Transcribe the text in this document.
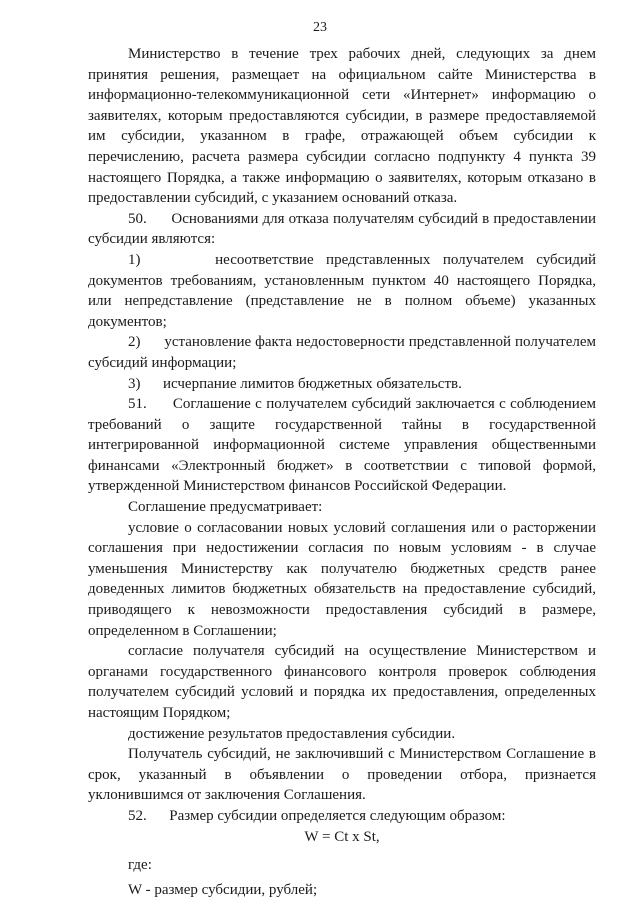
23

Министерство в течение трех рабочих дней, следующих за днем принятия решения, размещает на официальном сайте Министерства в информационно-телекоммуникационной сети «Интернет» информацию о заявителях, которым предоставляются субсидии, в размере предоставляемой им субсидии, указанном в графе, отражающей объем субсидии к перечислению, расчета размера субсидии согласно подпункту 4 пункта 39 настоящего Порядка, а также информацию о заявителях, которым отказано в предоставлении субсидий, с указанием оснований отказа.

50.      Основаниями для отказа получателям субсидий в предоставлении субсидии являются:

1)      несоответствие представленных получателем субсидий документов требованиям, установленным пунктом 40 настоящего Порядка, или непредставление (представление не в полном объеме) указанных документов;

2)      установление факта недостоверности представленной получателем субсидий информации;

3)      исчерпание лимитов бюджетных обязательств.

51.      Соглашение с получателем субсидий заключается с соблюдением требований о защите государственной тайны в государственной интегрированной информационной системе управления общественными финансами «Электронный бюджет» в соответствии с типовой формой, утвержденной Министерством финансов Российской Федерации.

Соглашение предусматривает:

условие о согласовании новых условий соглашения или о расторжении соглашения при недостижении согласия по новым условиям - в случае уменьшения Министерству как получателю бюджетных средств ранее доведенных лимитов бюджетных обязательств на предоставление субсидий, приводящего к невозможности предоставления субсидий в размере, определенном в Соглашении;

согласие получателя субсидий на осуществление Министерством и органами государственного финансового контроля проверок соблюдения получателем субсидий условий и порядка их предоставления, определенных настоящим Порядком;

достижение результатов предоставления субсидии.

Получатель субсидий, не заключивший с Министерством Соглашение в срок, указанный в объявлении о проведении отбора, признается уклонившимся от заключения Соглашения.

52.      Размер субсидии определяется следующим образом:

W = Ct x St,

где:

W - размер субсидии, рублей;
